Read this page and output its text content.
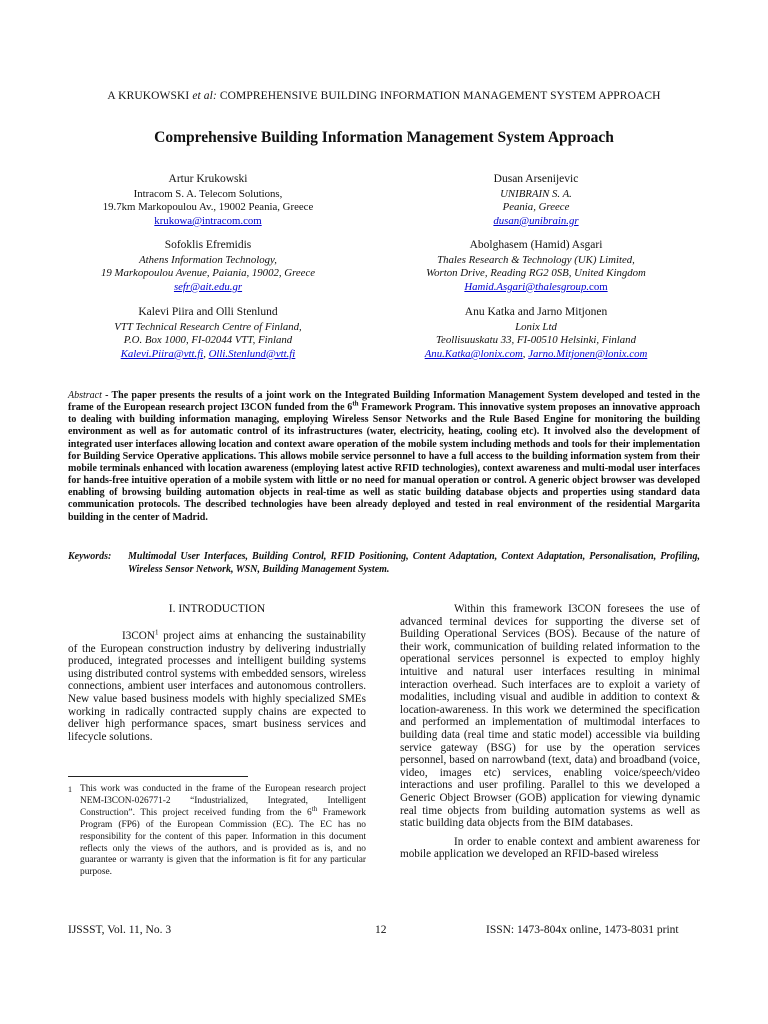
A KRUKOWSKI et al: COMPREHENSIVE BUILDING INFORMATION MANAGEMENT SYSTEM APPROACH
Comprehensive Building Information Management System Approach
Artur Krukowski
Intracom S. A. Telecom Solutions,
19.7km Markopoulou Av., 19002 Peania, Greece
krukowa@intracom.com
Sofoklis Efremidis
Athens Information Technology,
19 Markopoulou Avenue, Paiania, 19002, Greece
sefr@ait.edu.gr
Kalevi Piira and Olli Stenlund
VTT Technical Research Centre of Finland,
P.O. Box 1000, FI-02044 VTT, Finland
Kalevi.Piira@vtt.fi, Olli.Stenlund@vtt.fi
Dusan Arsenijevic
UNIBRAIN S. A.
Peania, Greece
dusan@unibrain.gr
Abolghasem (Hamid) Asgari
Thales Research & Technology (UK) Limited,
Worton Drive, Reading RG2 0SB, United Kingdom
Hamid.Asgari@thalesgroup.com
Anu Katka and Jarno Mitjonen
Lonix Ltd
Teollisuuskatu 33, FI-00510 Helsinki, Finland
Anu.Katka@lonix.com, Jarno.Mitjonen@lonix.com
Abstract - The paper presents the results of a joint work on the Integrated Building Information Management System developed and tested in the frame of the European research project I3CON funded from the 6th Framework Program. This innovative system proposes an innovative approach to dealing with building information managing, employing Wireless Sensor Networks and the Rule Based Engine for monitoring the building environment as well as for automatic control of its infrastructures (water, electricity, heating, cooling etc). It involved also the development of integrated user interfaces allowing location and context aware operation of the mobile system including methods and tools for their implementation for Building Service Operative applications. This allows mobile service personnel to have a full access to the building information system from their mobile terminals enhanced with location awareness (employing latest active RFID technologies), context awareness and multi-modal user interfaces for hands-free intuitive operation of a mobile system with little or no need for manual operation or control. A generic object browser was developed enabling of browsing building automation objects in real-time as well as static building database objects and properties using standard data communication protocols. The described technologies have been already deployed and tested in real environment of the residential Margarita building in the center of Madrid.
Keywords: Multimodal User Interfaces, Building Control, RFID Positioning, Content Adaptation, Context Adaptation, Personalisation, Profiling, Wireless Sensor Network, WSN, Building Management System.
I. INTRODUCTION

I3CON$^1$ project aims at enhancing the sustainability of the European construction industry by delivering industrially produced, integrated processes and intelligent building systems using distributed control systems with embedded sensors, wireless connections, ambient user interfaces and autonomous controllers. New value based business models with highly specialized SMEs working in radically contracted supply chains are expected to deliver high performance spaces, smart business services and lifecycle solutions.

1 This work was conducted in the frame of the European research project NEM-I3CON-026771-2 “Industrialized, Integrated, Intelligent Construction”. This project received funding from the 6th Framework Program (FP6) of the European Commission (EC). The EC has no responsibility for the content of this paper. Information in this document reflects only the views of the authors, and is provided as is, and no guarantee or warranty is given that the information is fit for any particular purpose.

Within this framework I3CON foresees the use of advanced terminal devices for supporting the diverse set of Building Operational Services (BOS). Because of the nature of their work, communication of building related information to the operational services personnel is expected to employ highly intuitive and natural user interfaces resulting in minimal interaction overhead. Such interfaces are to exploit a variety of modalities, including visual and audible in addition to context & location-awareness. In this work we determined the specification and performed an implementation of multimodal interfaces to building data (real time and static model) accessible via building service gateway (BSG) for use by the operation services personnel, based on narrowband (text, data) and broadband (voice, video, images etc) services, enabling voice/speech/video interactions and user profiling. Parallel to this we developed a Generic Object Browser (GOB) application for viewing dynamic real time objects from building automation systems as well as static building data objects from the BIM databases.

In order to enable context and ambient awareness for mobile application we developed an RFID-based wireless

IJSSST, Vol. 11, No. 3	12	ISSN: 1473-804x online, 1473-8031 print
